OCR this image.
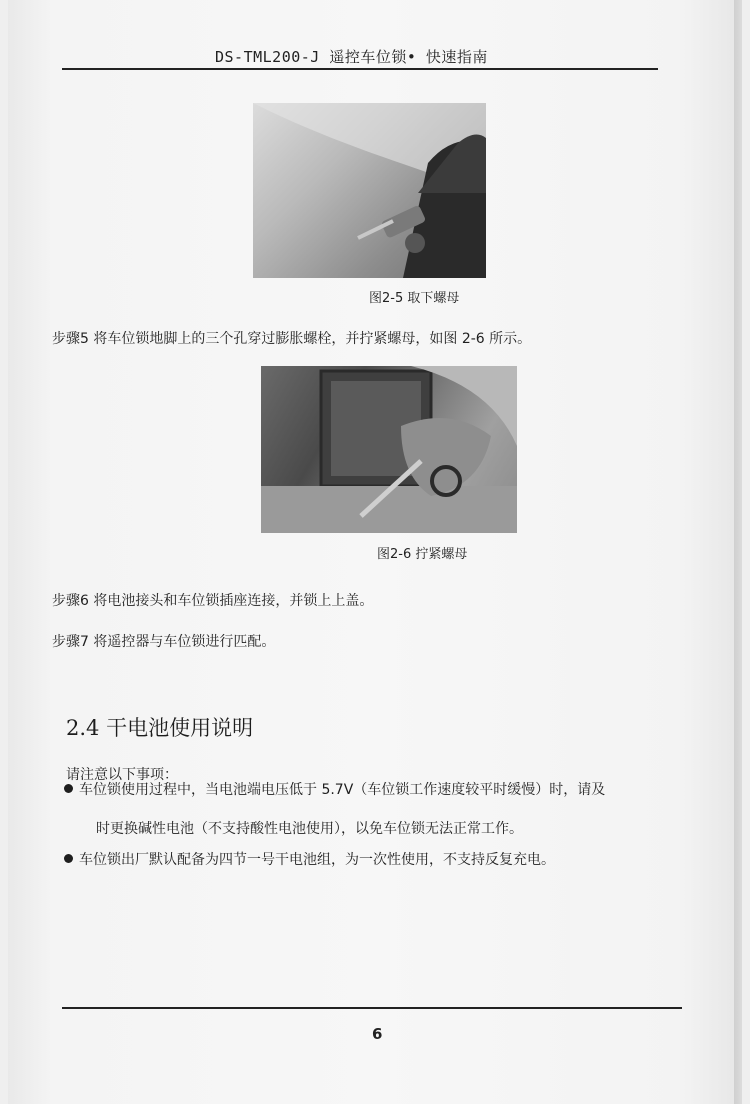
DS-TML200-J 遥控车位锁• 快速指南
图2-5 取下螺母
步骤5 将车位锁地脚上的三个孔穿过膨胀螺栓，并拧紧螺母，如图 2-6 所示。
图2-6 拧紧螺母
步骤6 将电池接头和车位锁插座连接，并锁上上盖。
步骤7 将遥控器与车位锁进行匹配。
2.4 干电池使用说明
请注意以下事项：
车位锁使用过程中，当电池端电压低于 5.7V（车位锁工作速度较平时缓慢）时，请及
时更换碱性电池（不支持酸性电池使用），以免车位锁无法正常工作。
车位锁出厂默认配备为四节一号干电池组，为一次性使用，不支持反复充电。
6
